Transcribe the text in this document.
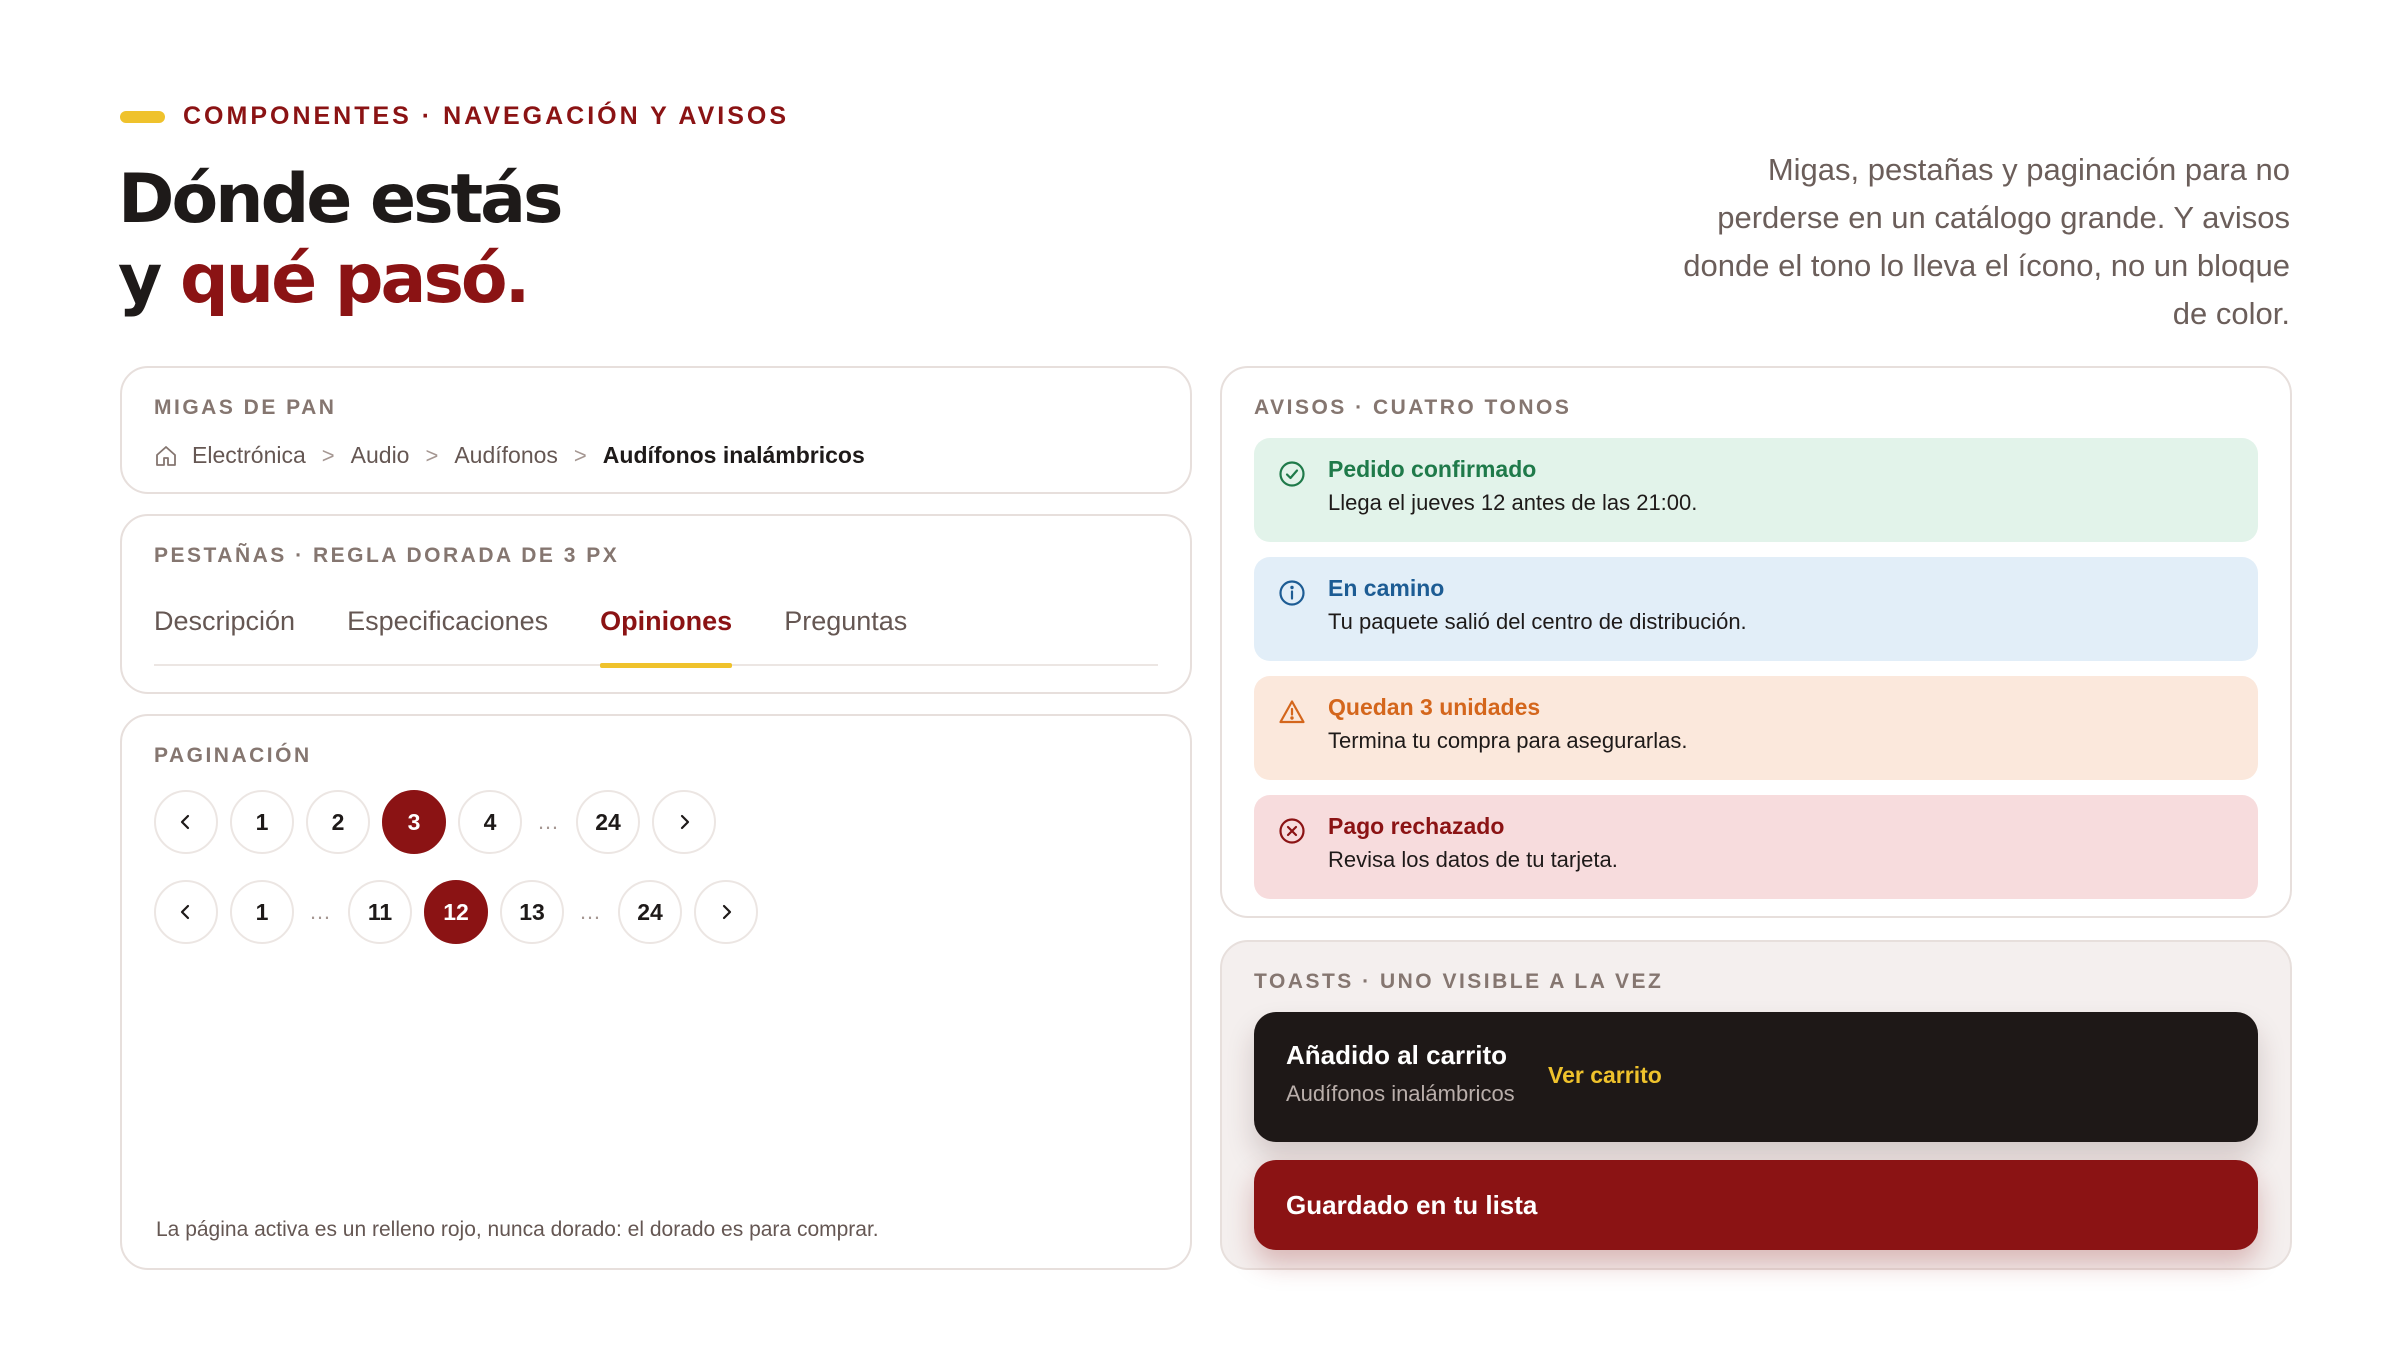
COMPONENTES · NAVEGACIÓN Y AVISOS
Dónde estás
y qué pasó.

Migas, pestañas y paginación para no perderse en un catálogo grande. Y avisos donde el tono lo lleva el ícono, no un bloque de color.

MIGAS DE PAN
Electrónica > Audio > Audífonos > Audífonos inalámbricos
PESTAÑAS · REGLA DORADA DE 3 PX
Descripción Especificaciones Opiniones Preguntas
PAGINACIÓN
1	2	3	4	…	24
1	…	11	12	13	…	24

La página activa es un relleno rojo, nunca dorado: el dorado es para comprar.

AVISOS · CUATRO TONOS
Pedido confirmado
Llega el jueves 12 antes de las 21:00.
En camino
Tu paquete salió del centro de distribución.
Quedan 3 unidades
Termina tu compra para asegurarlas.
Pago rechazado
Revisa los datos de tu tarjeta.
TOASTS · UNO VISIBLE A LA VEZ
Añadido al carrito
Audífonos inalámbricos
Ver carrito
Guardado en tu lista
